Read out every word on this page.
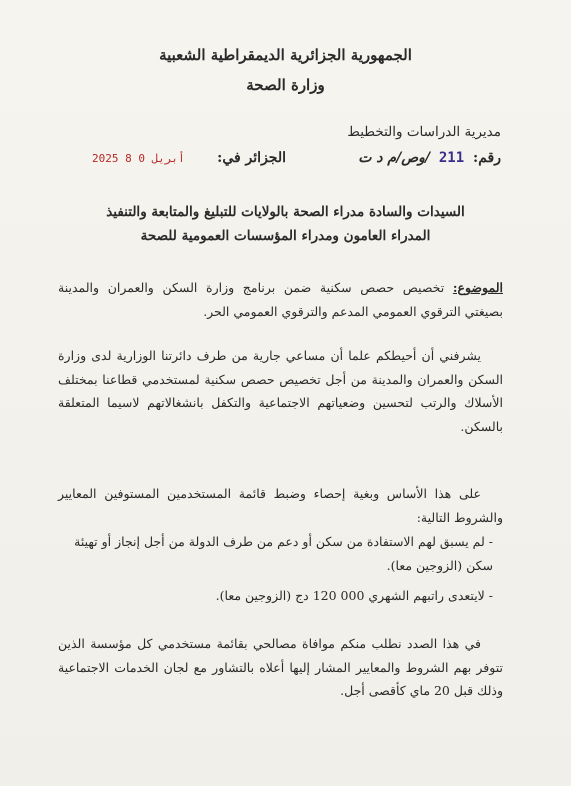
الجمهورية الجزائرية الديمقراطية الشعبية
وزارة الصحة
مديرية الدراسات والتخطيط
رقم: 211 /وص/م د ت
الجزائر في:
2025 أبريل 0 8
السيدات والسادة مدراء الصحة بالولايات للتبليغ والمتابعة والتنفيذ
المدراء العامون ومدراء المؤسسات العمومية للصحة
الموضوع: تخصيص حصص سكنية ضمن برنامج وزارة السكن والعمران والمدينة بصيغتي الترقوي العمومي المدعم والترقوي العمومي الحر.
يشرفني أن أحيطكم علما أن مساعي جارية من طرف دائرتنا الوزارية لدى وزارة السكن والعمران والمدينة من أجل تخصيص حصص سكنية لمستخدمي قطاعنا بمختلف الأسلاك والرتب لتحسين وضعياتهم الاجتماعية والتكفل بانشغالاتهم لاسيما المتعلقة بالسكن.
على هذا الأساس وبغية إحصاء وضبط قائمة المستخدمين المستوفين المعايير والشروط التالية:
- لم يسبق لهم الاستفادة من سكن أو دعم من طرف الدولة من أجل إنجاز أو تهيئة سكن (الزوجين معا).
- لايتعدى راتبهم الشهري 000 120 دج (الزوجين معا).
في هذا الصدد نطلب منكم موافاة مصالحي بقائمة مستخدمي كل مؤسسة الذين تتوفر بهم الشروط والمعايير المشار إليها أعلاه بالتشاور مع لجان الخدمات الاجتماعية وذلك قبل 20 ماي كأقصى أجل.
